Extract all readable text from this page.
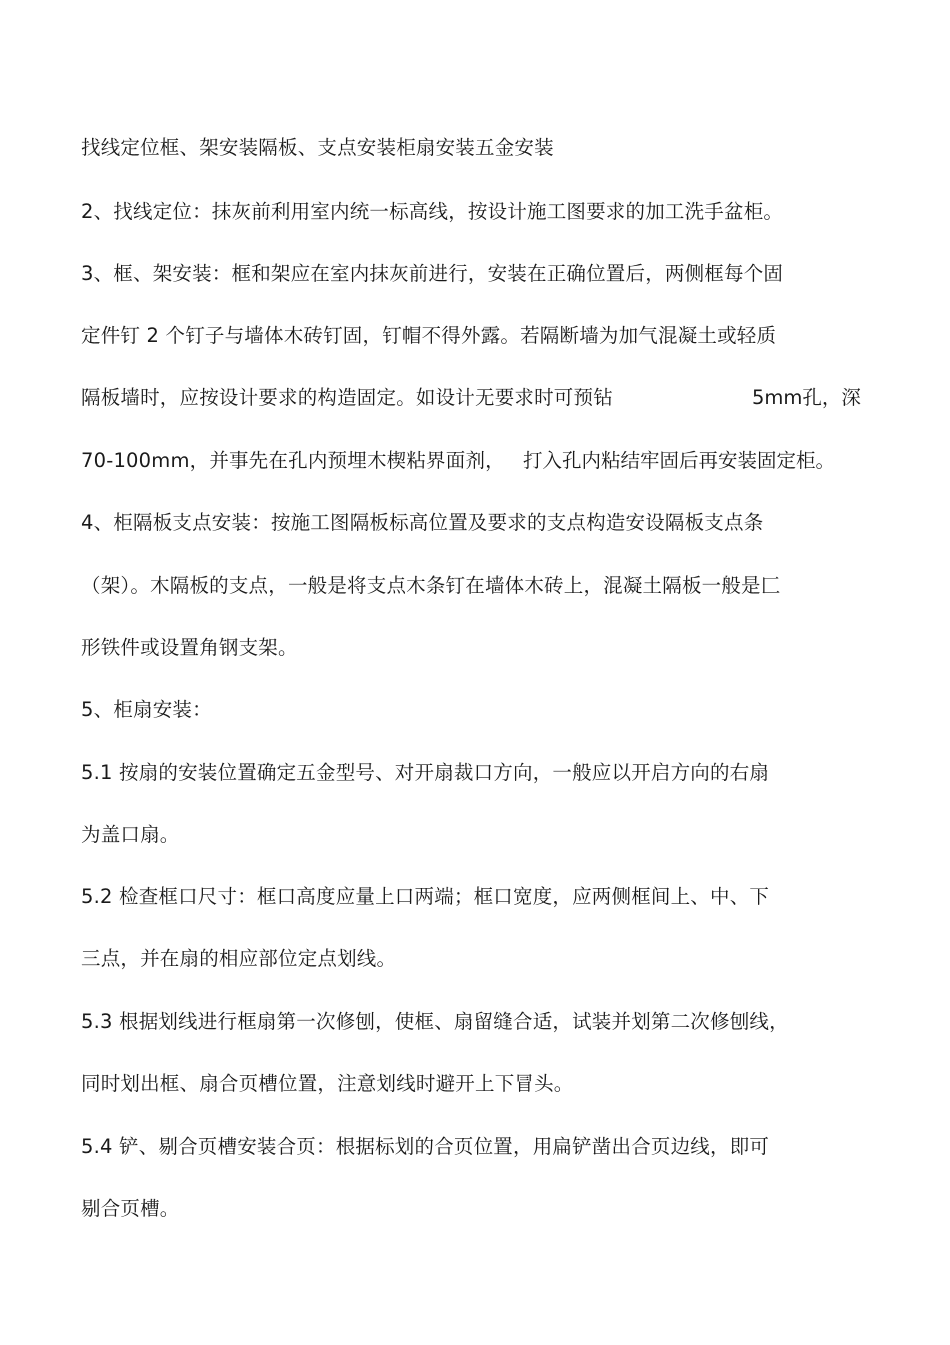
找线定位框、架安装隔板、支点安装柜扇安装五金安装
2、找线定位：抹灰前利用室内统一标高线，按设计施工图要求的加工洗手盆柜。
3、框、架安装：框和架应在室内抹灰前进行，安装在正确位置后，两侧框每个固
定件钉 2 个钉子与墙体木砖钉固，钉帽不得外露。若隔断墙为加气混凝土或轻质
隔板墙时，应按设计要求的构造固定。如设计无要求时可预钻	5mm孔，深
70-100mm，并事先在孔内预埋木楔粘界面剂， 打入孔内粘结牢固后再安装固定柜。
4、柜隔板支点安装：按施工图隔板标高位置及要求的支点构造安设隔板支点条
（架）。木隔板的支点，一般是将支点木条钉在墙体木砖上，混凝土隔板一般是匚
形铁件或设置角钢支架。
5、柜扇安装：
5.1 按扇的安装位置确定五金型号、对开扇裁口方向，一般应以开启方向的右扇
为盖口扇。
5.2 检查框口尺寸：框口高度应量上口两端；框口宽度，应两侧框间上、中、下
三点，并在扇的相应部位定点划线。
5.3 根据划线进行框扇第一次修刨，使框、扇留缝合适，试装并划第二次修刨线，
同时划出框、扇合页槽位置，注意划线时避开上下冒头。
5.4 铲、剔合页槽安装合页：根据标划的合页位置，用扁铲凿出合页边线，即可
剔合页槽。
